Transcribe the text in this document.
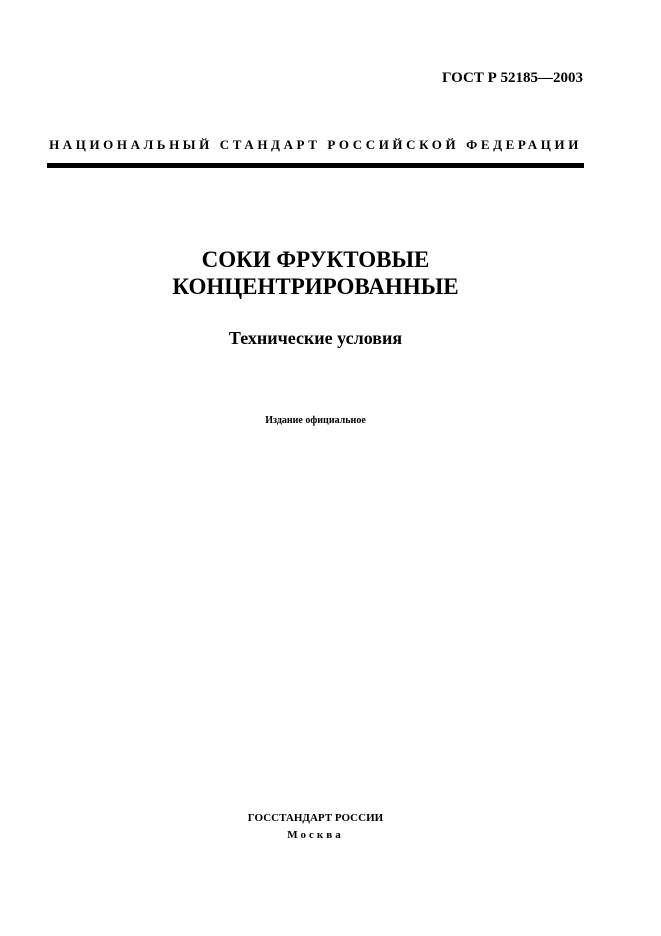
ГОСТ Р 52185—2003
НАЦИОНАЛЬНЫЙ СТАНДАРТ РОССИЙСКОЙ ФЕДЕРАЦИИ
СОКИ ФРУКТОВЫЕ
КОНЦЕНТРИРОВАННЫЕ
Технические условия
Издание официальное
ГОССТАНДАРТ РОССИИ
Москва
